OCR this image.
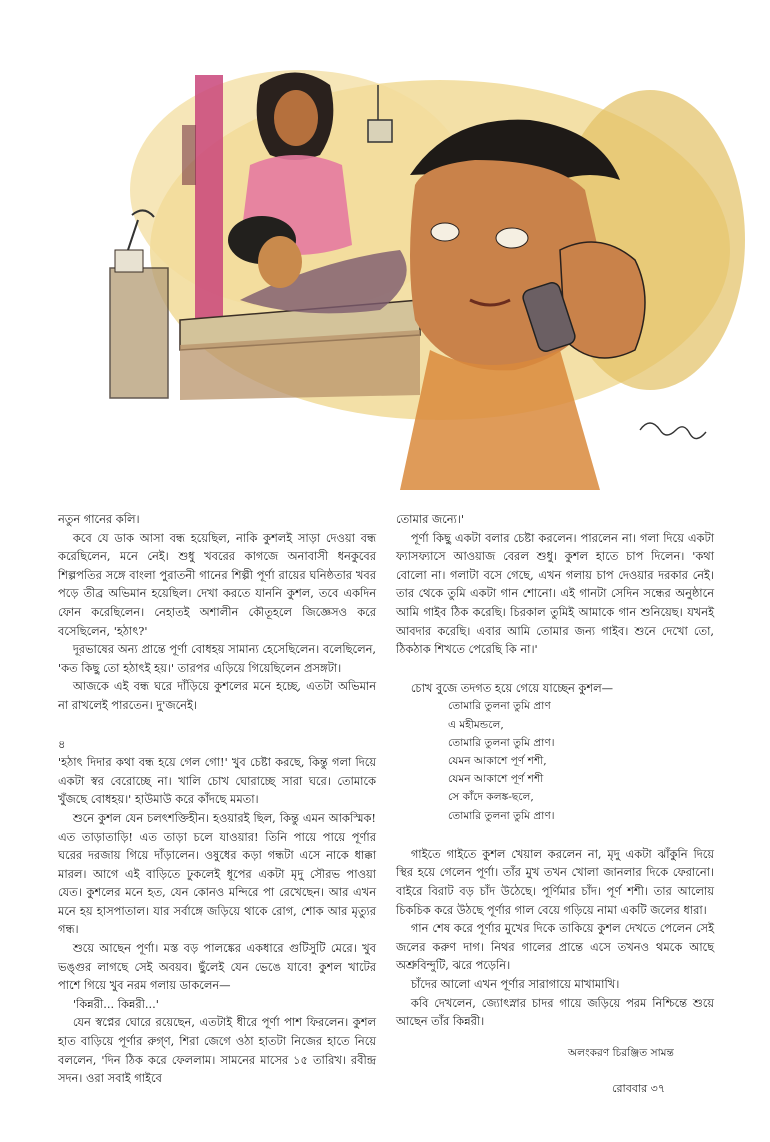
নতুন গানের কলি।

কবে যে ডাক আসা বন্ধ হয়েছিল, নাকি কুশলই সাড়া দেওয়া বন্ধ করেছিলেন, মনে নেই। শুধু খবরের কাগজে অনাবাসী ধনকুবের শিল্পপতির সঙ্গে বাংলা পুরাতনী গানের শিল্পী পূর্ণা রায়ের ঘনিষ্ঠতার খবর পড়ে তীব্র অভিমান হয়েছিল। দেখা করতে যাননি কুশল, তবে একদিন ফোন করেছিলেন। নেহাতই অশালীন কৌতূহলে জিজ্ঞেসও করে বসেছিলেন, 'হঠাৎ?'

দূরভাষের অন্য প্রান্তে পূর্ণা বোধহয় সামান্য হেসেছিলেন। বলেছিলেন, 'কত কিছু তো হঠাৎই হয়।' তারপর এড়িয়ে গিয়েছিলেন প্রসঙ্গটা।

আজকে এই বন্ধ ঘরে দাঁড়িয়ে কুশলের মনে হচ্ছে, এতটা অভিমান না রাখলেই পারতেন। দু'জনেই।

৪

'হঠাৎ দিদার কথা বন্ধ হয়ে গেল গো!' খুব চেষ্টা করছে, কিন্তু গলা দিয়ে একটা স্বর বেরোচ্ছে না। খালি চোখ ঘোরাচ্ছে সারা ঘরে। তোমাকে খুঁজছে বোধহয়।' হাউমাউ করে কাঁদছে মমতা।

শুনে কুশল যেন চলৎশক্তিহীন। হওয়ারই ছিল, কিন্তু এমন আকস্মিক! এত তাড়াতাড়ি! এত তাড়া চলে যাওয়ার! তিনি পায়ে পায়ে পূর্ণার ঘরের দরজায় গিয়ে দাঁড়ালেন। ওষুধের কড়া গন্ধটা এসে নাকে ধাক্কা মারল। আগে এই বাড়িতে ঢুকলেই ধূপের একটা মৃদু সৌরভ পাওয়া যেত। কুশলের মনে হত, যেন কোনও মন্দিরে পা রেখেছেন। আর এখন মনে হয় হাসপাতাল। যার সর্বাঙ্গে জড়িয়ে থাকে রোগ, শোক আর মৃত্যুর গন্ধ।

শুয়ে আছেন পূর্ণা। মস্ত বড় পালঙ্কের একধারে গুটিসুটি মেরে। খুব ভঙ্গুর লাগছে সেই অবয়ব। ছুঁলেই যেন ভেঙে যাবে! কুশল খাটের পাশে গিয়ে খুব নরম গলায় ডাকলেন—

'কিন্নরী... কিন্নরী...'

যেন স্বপ্নের ঘোরে রয়েছেন, এতটাই ধীরে পূর্ণা পাশ ফিরলেন। কুশল হাত বাড়িয়ে পূর্ণার রুগ্ণ, শিরা জেগে ওঠা হাতটা নিজের হাতে নিয়ে বললেন, 'দিন ঠিক করে ফেললাম। সামনের মাসের ১৫ তারিখ। রবীন্দ্র সদন। ওরা সবাই গাইবে

তোমার জন্যে।'

পূর্ণা কিছু একটা বলার চেষ্টা করলেন। পারলেন না। গলা দিয়ে একটা ফ্যাসফ্যাসে আওয়াজ বেরল শুধু। কুশল হাতে চাপ দিলেন। 'কথা বোলো না। গলাটা বসে গেছে, এখন গলায় চাপ দেওয়ার দরকার নেই। তার থেকে তুমি একটা গান শোনো। এই গানটা সেদিন সন্ধের অনুষ্ঠানে আমি গাইব ঠিক করেছি। চিরকাল তুমিই আমাকে গান শুনিয়েছ। যখনই আবদার করেছি। এবার আমি তোমার জন্য গাইব। শুনে দেখো তো, ঠিকঠাক শিখতে পেরেছি কি না।'

চোখ বুজে তদগত হয়ে গেয়ে যাচ্ছেন কুশল—

তোমারি তুলনা তুমি প্রাণ
এ মহীমন্ডলে,
তোমারি তুলনা তুমি প্রাণ।
যেমন আকাশে পূর্ণ শশী,
যেমন আকাশে পূর্ণ শশী
সে কাঁদে কলঙ্ক-ছলে,
তোমারি তুলনা তুমি প্রাণ।

গাইতে গাইতে কুশল খেয়াল করলেন না, মৃদু একটা ঝাঁকুনি দিয়ে স্থির হয়ে গেলেন পূর্ণা। তাঁর মুখ তখন খোলা জানলার দিকে ফেরানো। বাইরে বিরাট বড় চাঁদ উঠেছে। পূর্ণিমার চাঁদ। পূর্ণ শশী। তার আলোয় চিকচিক করে উঠছে পূর্ণার গাল বেয়ে গড়িয়ে নামা একটি জলের ধারা।

গান শেষ করে পূর্ণার মুখের দিকে তাকিয়ে কুশল দেখতে পেলেন সেই জলের করুণ দাগ। নিথর গালের প্রান্তে এসে তখনও থমকে আছে অশ্রুবিন্দুটি, ঝরে পড়েনি।

চাঁদের আলো এখন পূর্ণার সারাগায়ে মাখামাখি।

কবি দেখলেন, জ্যোৎস্নার চাদর গায়ে জড়িয়ে পরম নিশ্চিন্তে শুয়ে আছেন তাঁর কিন্নরী।

অলংকরণ চিরঞ্জিত সামন্ত
রোববার ৩৭
